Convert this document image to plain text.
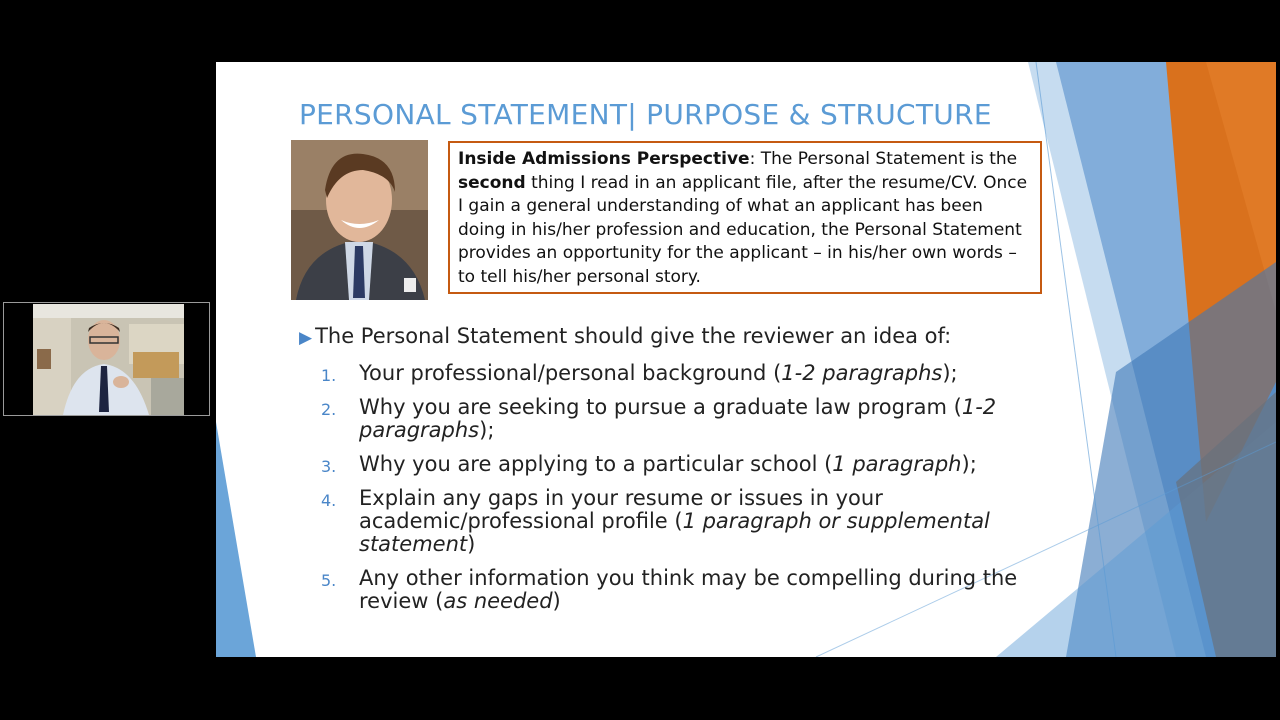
PERSONAL STATEMENT| PURPOSE & STRUCTURE
Inside Admissions Perspective: The Personal Statement is the second thing I read in an applicant file, after the resume/CV. Once I gain a general understanding of what an applicant has been doing in his/her profession and education, the Personal Statement provides an opportunity for the applicant – in his/her own words – to tell his/her personal story.
▶ The Personal Statement should give the reviewer an idea of:
1. Your professional/personal background (1-2 paragraphs);
2. Why you are seeking to pursue a graduate law program (1-2 paragraphs);
3. Why you are applying to a particular school (1 paragraph);
4. Explain any gaps in your resume or issues in your academic/professional profile (1 paragraph or supplemental statement)
5. Any other information you think may be compelling during the review (as needed)
